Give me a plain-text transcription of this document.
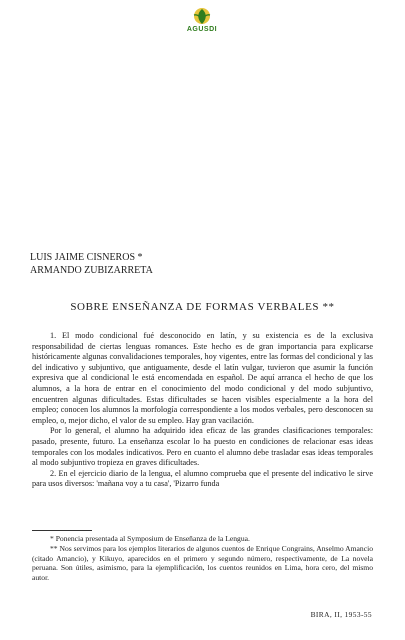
AGUSDI
LUIS JAIME CISNEROS *
ARMANDO ZUBIZARRETA
SOBRE ENSEÑANZA DE FORMAS VERBALES **

1. El modo condicional fué desconocido en latín, y su existencia es de la exclusiva responsabilidad de ciertas lenguas romances. Este hecho es de gran importancia para explicarse históricamente algunas convalidaciones temporales, hoy vigentes, entre las formas del condicional y las del indicativo y subjuntivo, que antiguamente, desde el latín vulgar, tuvieron que asumir la función expresiva que al condicional le está encomendada en español. De aquí arranca el hecho de que los alumnos, a la hora de entrar en el conocimiento del modo condicional y del modo subjuntivo, encuentren algunas dificultades. Estas dificultades se hacen visibles especialmente a la hora del empleo; conocen los alumnos la morfología correspondiente a los modos verbales, pero desconocen su empleo, o, mejor dicho, el valor de su empleo. Hay gran vacilación.

Por lo general, el alumno ha adquirido idea eficaz de las grandes clasificaciones temporales: pasado, presente, futuro. La enseñanza escolar lo ha puesto en condiciones de relacionar esas ideas temporales con los modales indicativos. Pero en cuanto el alumno debe trasladar esas ideas temporales al modo subjuntivo tropieza en graves dificultades.

2. En el ejercicio diario de la lengua, el alumno comprueba que el presente del indicativo le sirve para usos diversos: 'mañana voy a tu casa', 'Pizarro funda

* Ponencia presentada al Symposium de Enseñanza de la Lengua.

** Nos servimos para los ejemplos literarios de algunos cuentos de Enrique Congrains, Anselmo Amancio (citado Amancio), y Kikuyo, aparecidos en el primero y segundo número, respectivamente, de La novela peruana. Son útiles, asimismo, para la ejemplificación, los cuentos reunidos en Lima, hora cero, del mismo autor.

BIRA, II, 1953-55
